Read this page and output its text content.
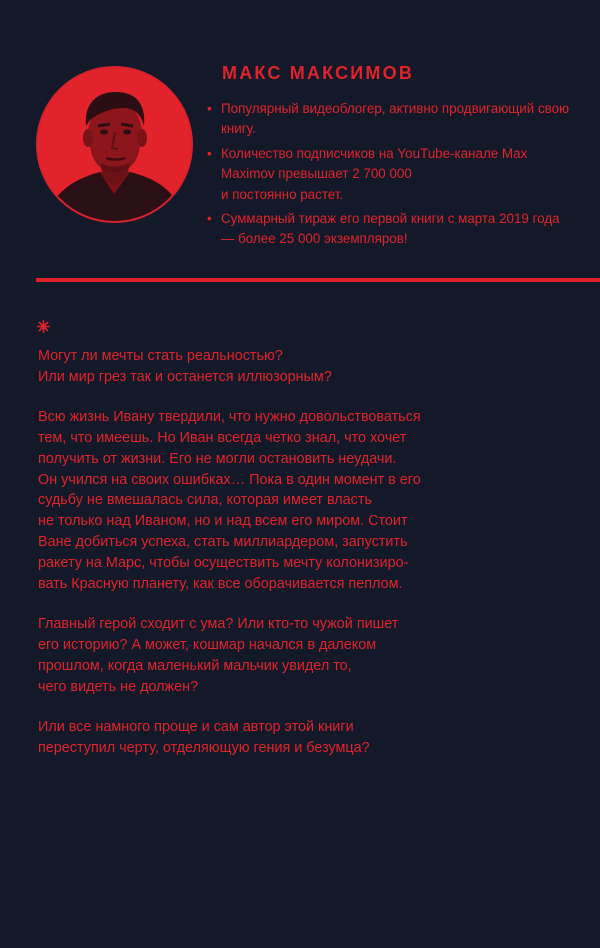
МАКС МАКСИМОВ
• Популярный видеоблогер, активно продвигающий свою книгу.
• Количество подписчиков на YouTube-канале Max Maximov превышает 2 700 000
и постоянно растет.
• Суммарный тираж его первой книги с марта 2019 года — более 25 000 экземпляров!

Могут ли мечты стать реальностью?
Или мир грез так и останется иллюзорным?

Всю жизнь Ивану твердили, что нужно довольствоваться
тем, что имеешь. Но Иван всегда четко знал, что хочет
получить от жизни. Его не могли остановить неудачи.
Он учился на своих ошибках… Пока в один момент в его
судьбу не вмешалась сила, которая имеет власть
не только над Иваном, но и над всем его миром. Стоит
Ване добиться успеха, стать миллиардером, запустить
ракету на Марс, чтобы осуществить мечту колонизиро-
вать Красную планету, как все оборачивается пеплом.

Главный герой сходит с ума? Или кто-то чужой пишет
его историю? А может, кошмар начался в далеком
прошлом, когда маленький мальчик увидел то,
чего видеть не должен?

Или все намного проще и сам автор этой книги
переступил черту, отделяющую гения и безумца?
